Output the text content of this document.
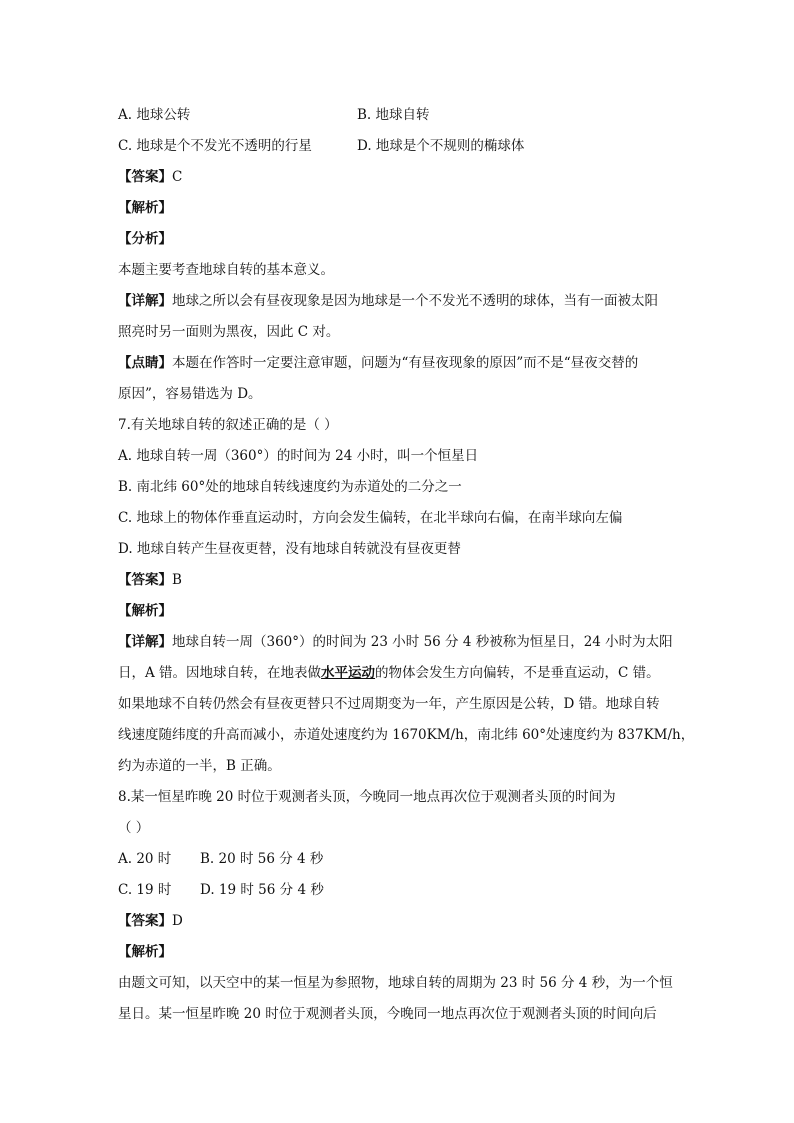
A. 地球公转	B. 地球自转
C. 地球是个不发光不透明的行星	D. 地球是个不规则的椭球体
【答案】C
【解析】
【分析】
本题主要考查地球自转的基本意义。
【详解】地球之所以会有昼夜现象是因为地球是一个不发光不透明的球体，当有一面被太阳
照亮时另一面则为黑夜，因此 C 对。
【点睛】本题在作答时一定要注意审题，问题为“有昼夜现象的原因”而不是“昼夜交替的
原因”，容易错选为 D。
7.有关地球自转的叙述正确的是（ ）
A. 地球自转一周（360°）的时间为 24 小时，叫一个恒星日
B. 南北纬 60°处的地球自转线速度约为赤道处的二分之一
C. 地球上的物体作垂直运动时，方向会发生偏转，在北半球向右偏，在南半球向左偏
D. 地球自转产生昼夜更替，没有地球自转就没有昼夜更替
【答案】B
【解析】
【详解】地球自转一周（360°）的时间为 23 小时 56 分 4 秒被称为恒星日，24 小时为太阳
日，A 错。因地球自转，在地表做水平运动的物体会发生方向偏转，不是垂直运动，C 错。
如果地球不自转仍然会有昼夜更替只不过周期变为一年，产生原因是公转，D 错。地球自转
线速度随纬度的升高而减小，赤道处速度约为 1670KM/h，南北纬 60°处速度约为 837KM/h，
约为赤道的一半，B 正确。
8.某一恒星昨晚 20 时位于观测者头顶，今晚同一地点再次位于观测者头顶的时间为
（ ）
A. 20 时	B. 20 时 56 分 4 秒
C. 19 时	D. 19 时 56 分 4 秒
【答案】D
【解析】
由题文可知，以天空中的某一恒星为参照物，地球自转的周期为 23 时 56 分 4 秒，为一个恒
星日。某一恒星昨晚 20 时位于观测者头顶，今晚同一地点再次位于观测者头顶的时间向后
